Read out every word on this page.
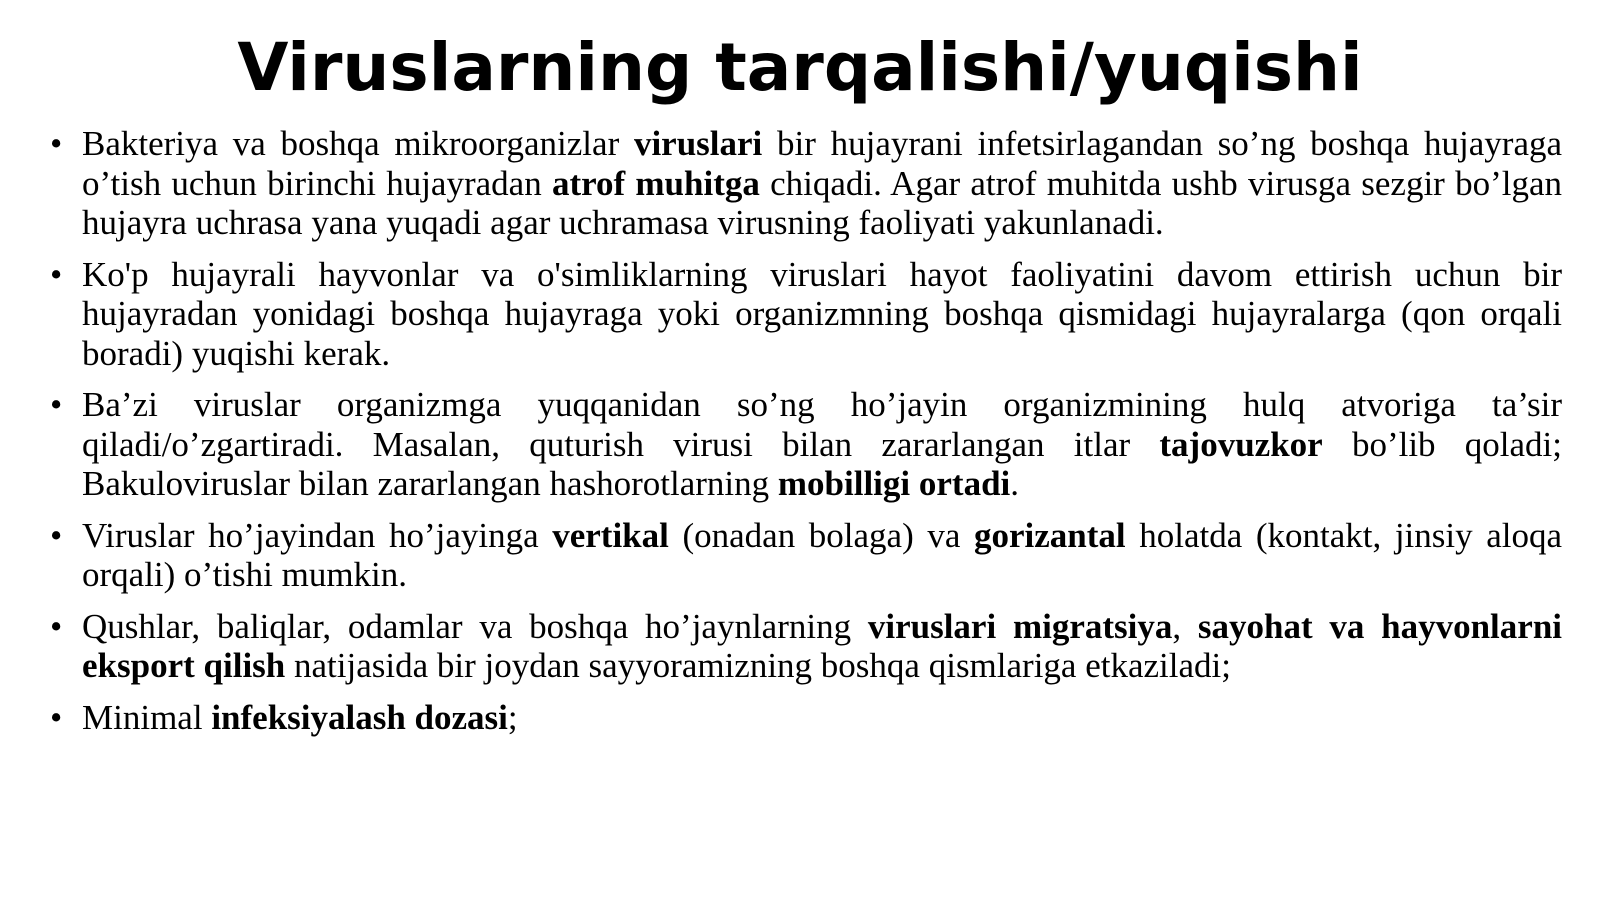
Viruslarning tarqalishi/yuqishi
• Bakteriya va boshqa mikroorganizlar viruslari bir hujayrani infetsirlagandan so’ng boshqa hujayraga o’tish uchun birinchi hujayradan atrof muhitga chiqadi. Agar atrof muhitda ushb virusga sezgir bo’lgan hujayra uchrasa yana yuqadi agar uchramasa virusning faoliyati yakunlanadi.
• Ko'p hujayrali hayvonlar va o'simliklarning viruslari hayot faoliyatini davom ettirish uchun bir hujayradan yonidagi boshqa hujayraga yoki organizmning boshqa qismidagi hujayralarga (qon orqali boradi) yuqishi kerak.
• Ba’zi viruslar organizmga yuqqanidan so’ng ho’jayin organizmining hulq atvoriga ta’sir qiladi/o’zgartiradi. Masalan, quturish virusi bilan zararlangan itlar tajovuzkor bo’lib qoladi; Bakuloviruslar bilan zararlangan hashorotlarning mobilligi ortadi.
• Viruslar ho’jayindan ho’jayinga vertikal (onadan bolaga) va gorizantal holatda (kontakt, jinsiy aloqa orqali) o’tishi mumkin.
• Qushlar, baliqlar, odamlar va boshqa ho’jaynlarning viruslari migratsiya, sayohat va hayvonlarni eksport qilish natijasida bir joydan sayyoramizning boshqa qismlariga etkaziladi;
• Minimal infeksiyalash dozasi;
